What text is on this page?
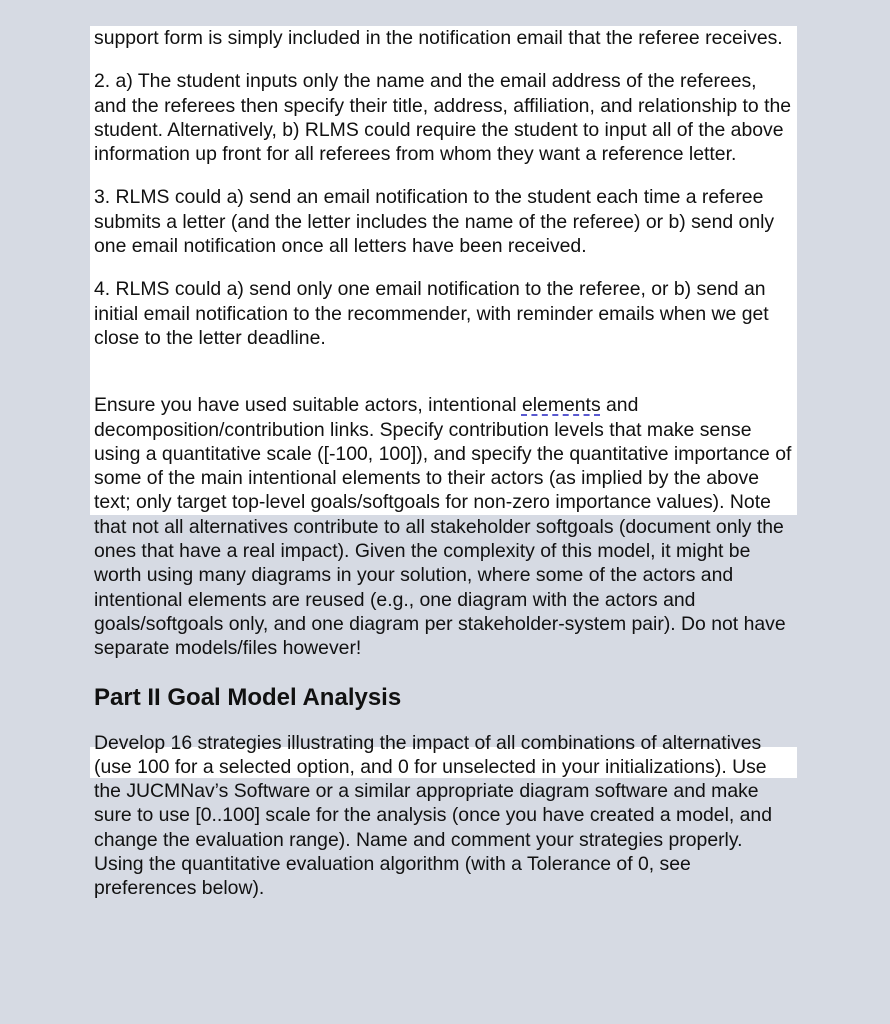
support form is simply included in the notification email that the referee receives.

2. a) The student inputs only the name and the email address of the referees, and the referees then specify their title, address, affiliation, and relationship to the student. Alternatively, b) RLMS could require the student to input all of the above information up front for all referees from whom they want a reference letter.

3. RLMS could a) send an email notification to the student each time a referee submits a letter (and the letter includes the name of the referee) or b) send only one email notification once all letters have been received.

4. RLMS could a) send only one email notification to the referee, or b) send an initial email notification to the recommender, with reminder emails when we get close to the letter deadline.

Ensure you have used suitable actors, intentional elements and decomposition/contribution links. Specify contribution levels that make sense using a quantitative scale ([-100, 100]), and specify the quantitative importance of some of the main intentional elements to their actors (as implied by the above text; only target top-level goals/softgoals for non-zero importance values). Note that not all alternatives contribute to all stakeholder softgoals (document only the ones that have a real impact). Given the complexity of this model, it might be worth using many diagrams in your solution, where some of the actors and intentional elements are reused (e.g., one diagram with the actors and goals/softgoals only, and one diagram per stakeholder-system pair). Do not have separate models/files however!

Part II Goal Model Analysis

Develop 16 strategies illustrating the impact of all combinations of alternatives (use 100 for a selected option, and 0 for unselected in your initializations). Use the JUCMNav’s Software or a similar appropriate diagram software and make sure to use [0..100] scale for the analysis (once you have created a model, and change the evaluation range). Name and comment your strategies properly. Using the quantitative evaluation algorithm (with a Tolerance of 0, see preferences below).
